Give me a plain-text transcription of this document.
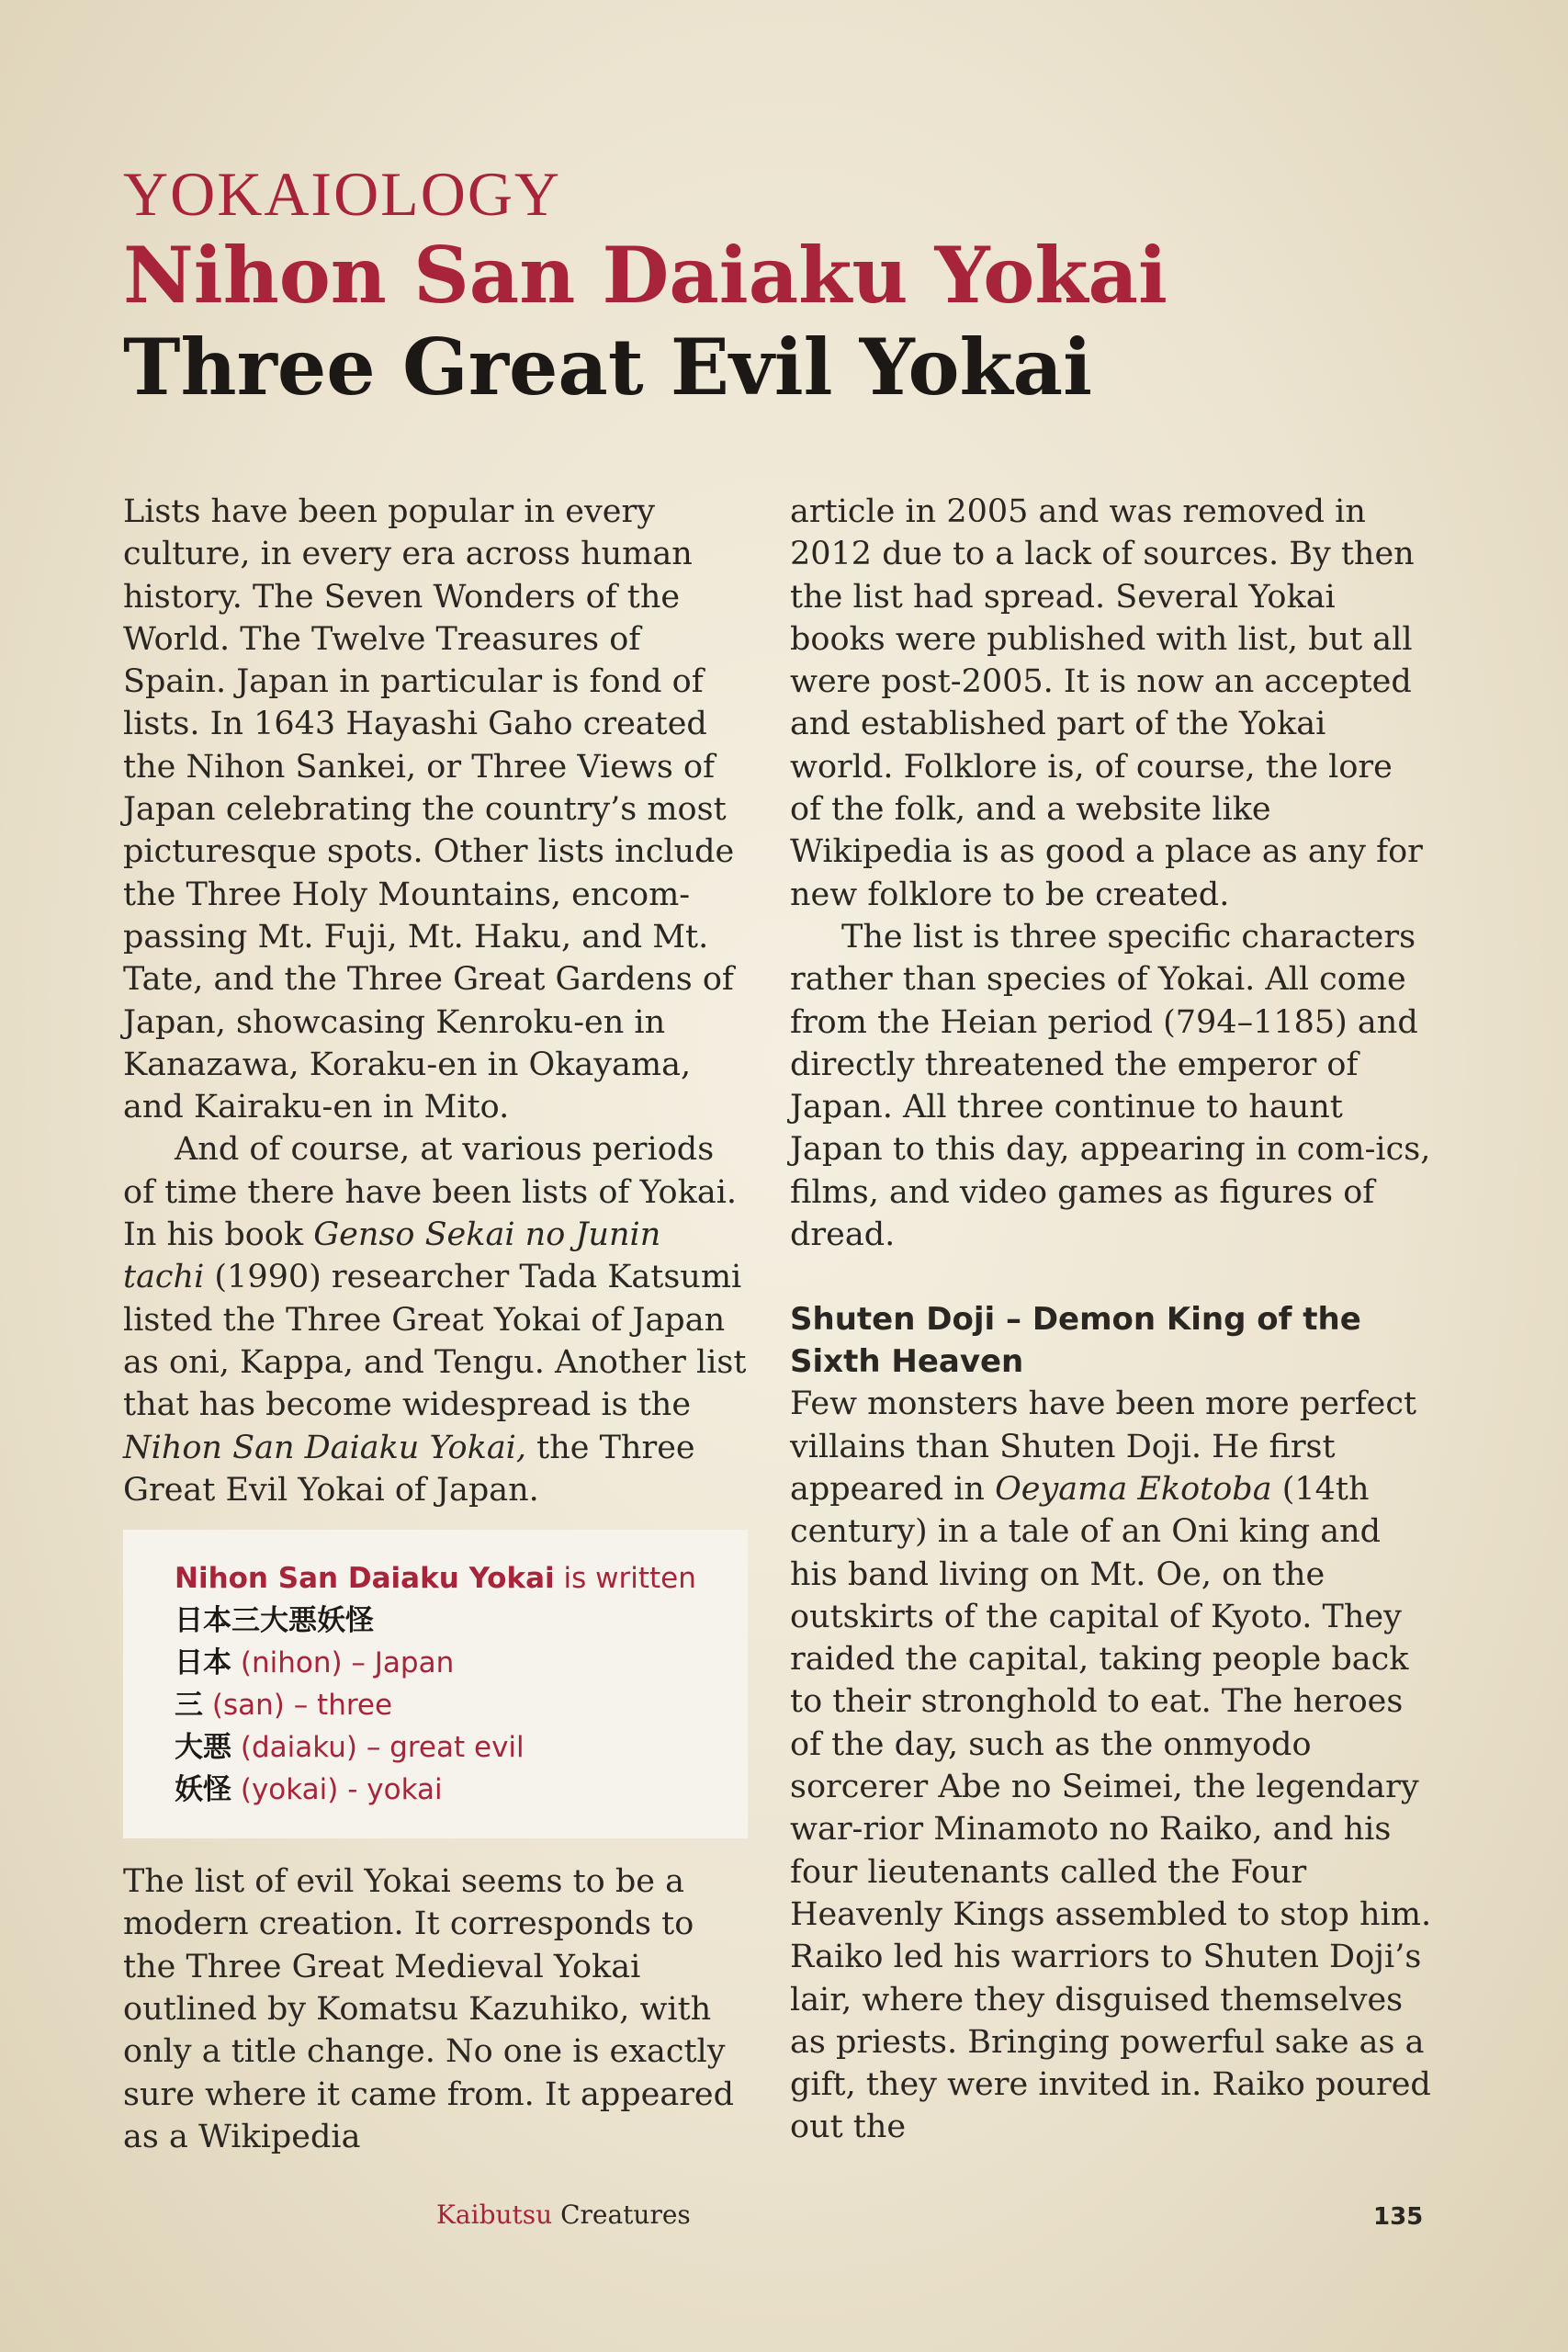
YOKAIOLOGY
Nihon San Daiaku Yokai
Three Great Evil Yokai

Lists have been popular in every culture, in every era across human history. The Seven Wonders of the World. The Twelve Treasures of Spain. Japan in particular is fond of lists. In 1643 Hayashi Gaho created the Nihon Sankei, or Three Views of Japan celebrating the country’s most picturesque spots. Other lists include the Three Holy Mountains, encom-passing Mt. Fuji, Mt. Haku, and Mt. Tate, and the Three Great Gardens of Japan, showcasing Kenroku-en in Kanazawa, Koraku-en in Okayama, and Kairaku-en in Mito.

And of course, at various periods of time there have been lists of Yokai. In his book Genso Sekai no Junin tachi (1990) researcher Tada Katsumi listed the Three Great Yokai of Japan as oni, Kappa, and Tengu. Another list that has become widespread is the Nihon San Daiaku Yokai, the Three Great Evil Yokai of Japan.

Nihon San Daiaku Yokai is written
日本三大悪妖怪
日本 (nihon) – Japan
三 (san) – three
大悪 (daiaku) – great evil
妖怪 (yokai) - yokai

The list of evil Yokai seems to be a modern creation. It corresponds to the Three Great Medieval Yokai outlined by Komatsu Kazuhiko, with only a title change. No one is exactly sure where it came from. It appeared as a Wikipedia

article in 2005 and was removed in 2012 due to a lack of sources. By then the list had spread. Several Yokai books were published with list, but all were post-2005. It is now an accepted and established part of the Yokai world. Folklore is, of course, the lore of the folk, and a website like Wikipedia is as good a place as any for new folklore to be created.

The list is three specific characters rather than species of Yokai. All come from the Heian period (794–1185) and directly threatened the emperor of Japan. All three continue to haunt Japan to this day, appearing in com-ics, films, and video games as figures of dread.

Shuten Doji – Demon King of the Sixth Heaven

Few monsters have been more perfect villains than Shuten Doji. He first appeared in Oeyama Ekotoba (14th century) in a tale of an Oni king and his band living on Mt. Oe, on the outskirts of the capital of Kyoto. They raided the capital, taking people back to their stronghold to eat. The heroes of the day, such as the onmyodo sorcerer Abe no Seimei, the legendary war-rior Minamoto no Raiko, and his four lieutenants called the Four Heavenly Kings assembled to stop him. Raiko led his warriors to Shuten Doji’s lair, where they disguised themselves as priests. Bringing powerful sake as a gift, they were invited in. Raiko poured out the

Kaibutsu Creatures	135
